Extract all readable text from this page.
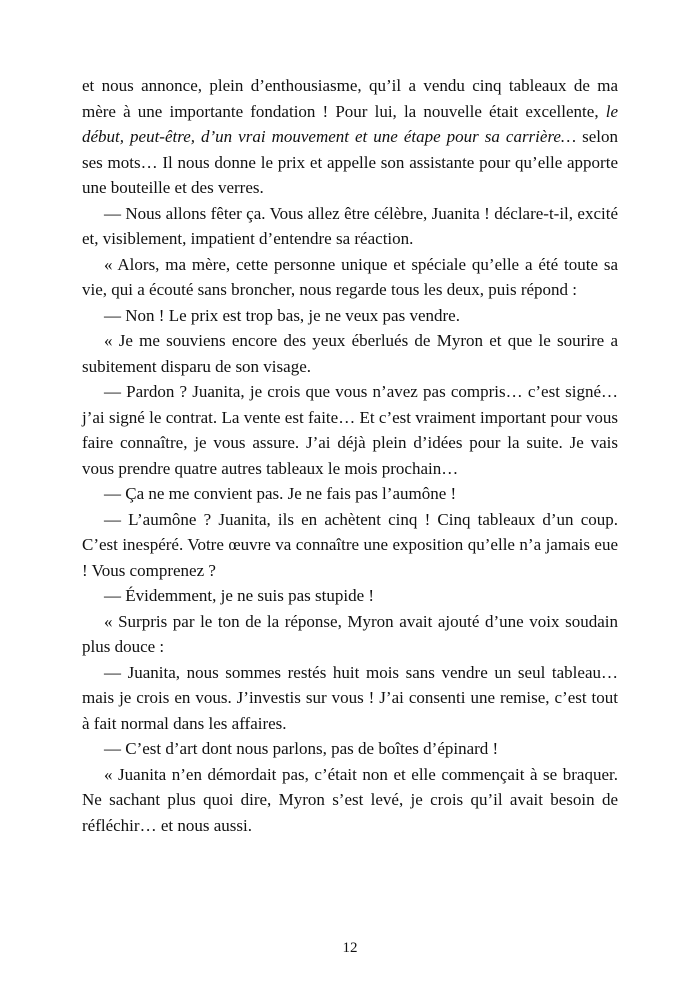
et nous annonce, plein d’enthousiasme, qu’il a vendu cinq tableaux de ma mère à une importante fondation ! Pour lui, la nouvelle était excellente, le début, peut-être, d’un vrai mouvement et une étape pour sa carrière… selon ses mots… Il nous donne le prix et appelle son assistante pour qu’elle apporte une bouteille et des verres.

— Nous allons fêter ça. Vous allez être célèbre, Juanita ! déclare-t-il, excité et, visiblement, impatient d’entendre sa réaction.

« Alors, ma mère, cette personne unique et spéciale qu’elle a été toute sa vie, qui a écouté sans broncher, nous regarde tous les deux, puis répond :

— Non ! Le prix est trop bas, je ne veux pas vendre.

« Je me souviens encore des yeux éberlués de Myron et que le sourire a subitement disparu de son visage.

— Pardon ? Juanita, je crois que vous n’avez pas compris… c’est signé… j’ai signé le contrat. La vente est faite… Et c’est vraiment important pour vous faire connaître, je vous assure. J’ai déjà plein d’idées pour la suite. Je vais vous prendre quatre autres tableaux le mois prochain…

— Ça ne me convient pas. Je ne fais pas l’aumône !

— L’aumône ? Juanita, ils en achètent cinq ! Cinq tableaux d’un coup. C’est inespéré. Votre œuvre va connaître une exposition qu’elle n’a jamais eue ! Vous comprenez ?

— Évidemment, je ne suis pas stupide !

« Surpris par le ton de la réponse, Myron avait ajouté d’une voix soudain plus douce :

— Juanita, nous sommes restés huit mois sans vendre un seul tableau… mais je crois en vous. J’investis sur vous ! J’ai consenti une remise, c’est tout à fait normal dans les affaires.

— C’est d’art dont nous parlons, pas de boîtes d’épinard !

« Juanita n’en démordait pas, c’était non et elle commençait à se braquer. Ne sachant plus quoi dire, Myron s’est levé, je crois qu’il avait besoin de réfléchir… et nous aussi.

12
